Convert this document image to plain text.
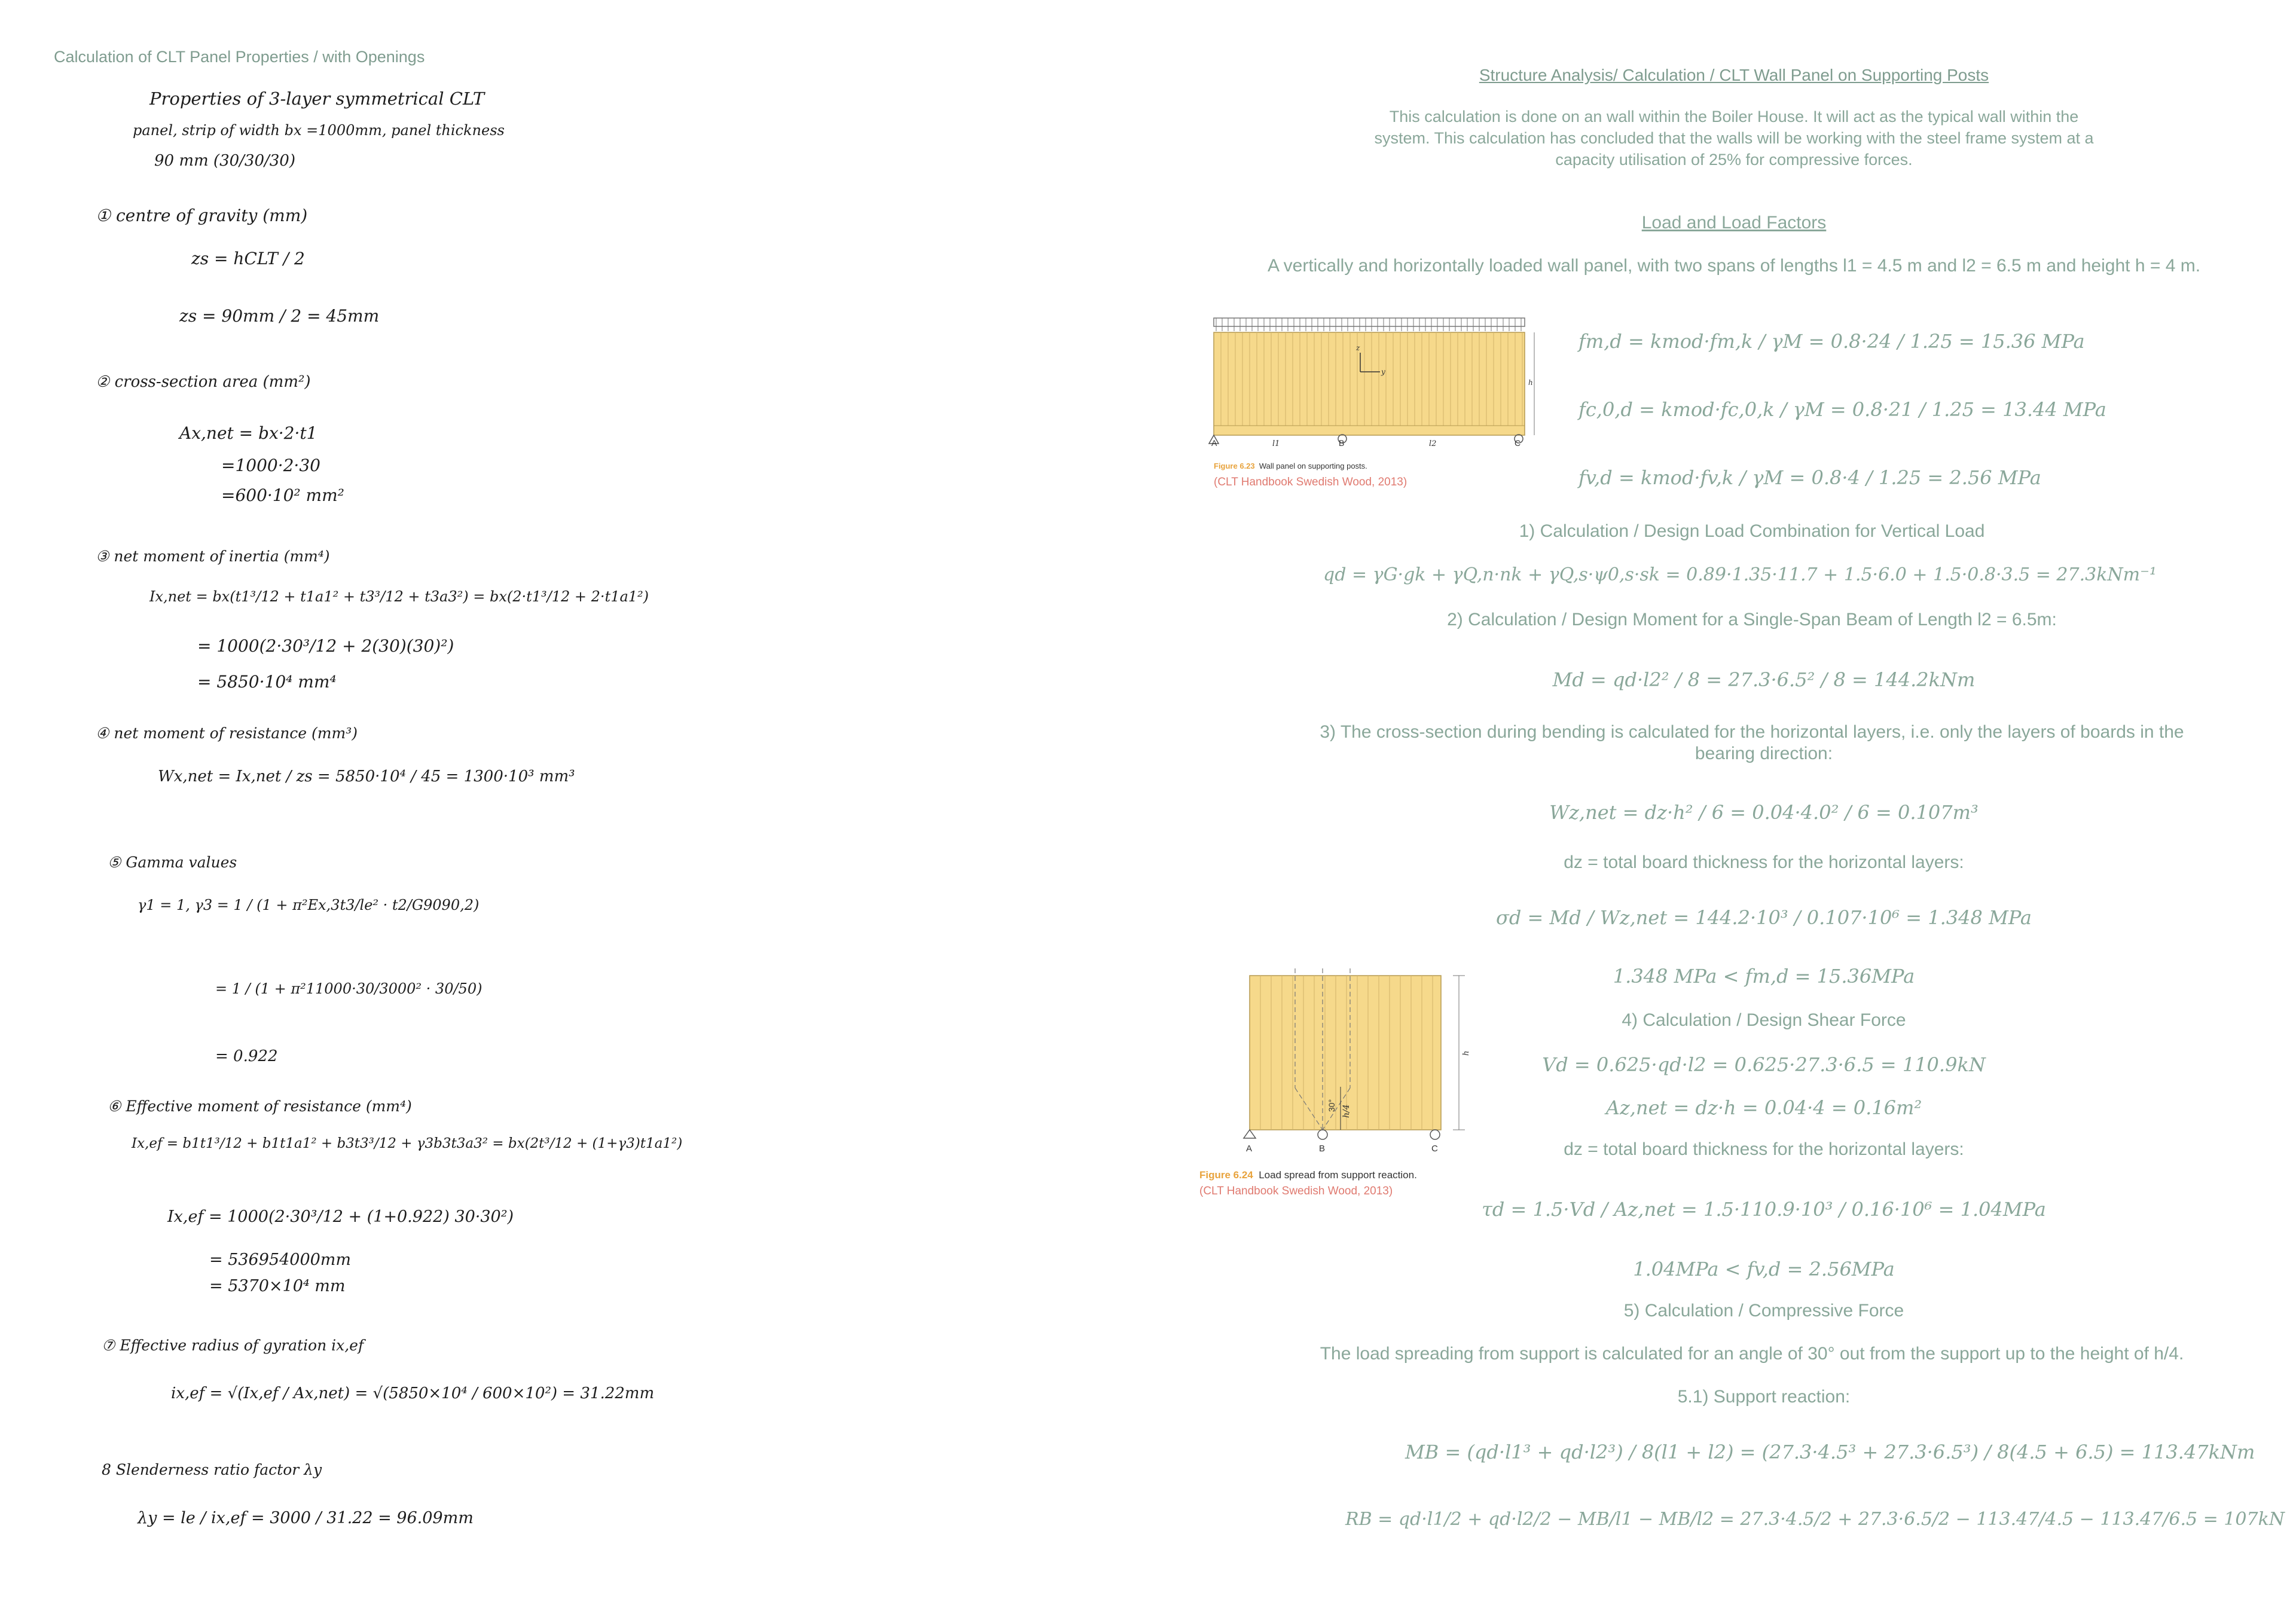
Calculation of CLT Panel Properties / with Openings
Properties of 3-layer symmetrical CLT
panel, strip of width bx =1000mm, panel thickness
90 mm (30/30/30)
① centre of gravity (mm)
zs = hCLT / 2
zs = 90mm / 2 = 45mm
② cross-section area (mm²)
Ax,net = bx·2·t1
=1000·2·30
=600·10² mm²
③ net moment of inertia (mm⁴)
Ix,net = bx(t1³/12 + t1a1² + t3³/12 + t3a3²) = bx(2·t1³/12 + 2·t1a1²)
= 1000(2·30³/12 + 2(30)(30)²)
= 5850·10⁴ mm⁴
④ net moment of resistance (mm³)
Wx,net = Ix,net / zs = 5850·10⁴ / 45 = 1300·10³ mm³
⑤ Gamma values
γ1 = 1, γ3 = 1 / (1 + π²Ex,3t3/le² · t2/G9090,2)
= 1 / (1 + π²11000·30/3000² · 30/50)
= 0.922
⑥ Effective moment of resistance (mm⁴)
Ix,ef = b1t1³/12 + b1t1a1² + b3t3³/12 + γ3b3t3a3² = bx(2t³/12 + (1+γ3)t1a1²)
Ix,ef = 1000(2·30³/12 + (1+0.922) 30·30²)
= 536954000mm
= 5370×10⁴ mm
⑦ Effective radius of gyration ix,ef
ix,ef = √(Ix,ef / Ax,net) = √(5850×10⁴ / 600×10²) = 31.22mm
8 Slenderness ratio factor λy
λy = le / ix,ef = 3000 / 31.22 = 96.09mm
Structure Analysis/ Calculation / CLT Wall Panel on Supporting Posts
This calculation is done on an wall within the Boiler House. It will act as the typical wall within the
system. This calculation has concluded that the walls will be working with the steel frame system at a
capacity utilisation of 25% for compressive forces.
Load and Load Factors
A vertically and horizontally loaded wall panel, with two spans of lengths l1 = 4.5 m and l2 = 6.5 m and height h = 4 m.
A	B	C
l1	l2
h
z
y
Figure 6.23 Wall panel on supporting posts.
(CLT Handbook Swedish Wood, 2013)
A	B	C
30° h/4
h
Figure 6.24 Load spread from support reaction.
(CLT Handbook Swedish Wood, 2013)
fm,d = kmod·fm,k / γM = 0.8·24 / 1.25 = 15.36 MPa
fc,0,d = kmod·fc,0,k / γM = 0.8·21 / 1.25 = 13.44 MPa
fv,d = kmod·fv,k / γM = 0.8·4 / 1.25 = 2.56 MPa
1) Calculation / Design Load Combination for Vertical Load
qd = γG·gk + γQ,n·nk + γQ,s·ψ0,s·sk = 0.89·1.35·11.7 + 1.5·6.0 + 1.5·0.8·3.5 = 27.3kNm⁻¹
2) Calculation / Design Moment for a Single-Span Beam of Length l2 = 6.5m:
Md = qd·l2² / 8 = 27.3·6.5² / 8 = 144.2kNm
3) The cross-section during bending is calculated for the horizontal layers, i.e. only the layers of boards in the
bearing direction:
Wz,net = dz·h² / 6 = 0.04·4.0² / 6 = 0.107m³
dz = total board thickness for the horizontal layers:
σd = Md / Wz,net = 144.2·10³ / 0.107·10⁶ = 1.348 MPa
1.348 MPa < fm,d = 15.36MPa
4) Calculation / Design Shear Force
Vd = 0.625·qd·l2 = 0.625·27.3·6.5 = 110.9kN
Az,net = dz·h = 0.04·4 = 0.16m²
dz = total board thickness for the horizontal layers:
τd = 1.5·Vd / Az,net = 1.5·110.9·10³ / 0.16·10⁶ = 1.04MPa
1.04MPa < fv,d = 2.56MPa
5) Calculation / Compressive Force
The load spreading from support is calculated for an angle of 30° out from the support up to the height of h/4.
5.1) Support reaction:
MB = (qd·l1³ + qd·l2³) / 8(l1 + l2) = (27.3·4.5³ + 27.3·6.5³) / 8(4.5 + 6.5) = 113.47kNm
RB = qd·l1/2 + qd·l2/2 − MB/l1 − MB/l2 = 27.3·4.5/2 + 27.3·6.5/2 − 113.47/4.5 − 113.47/6.5 = 107kN
